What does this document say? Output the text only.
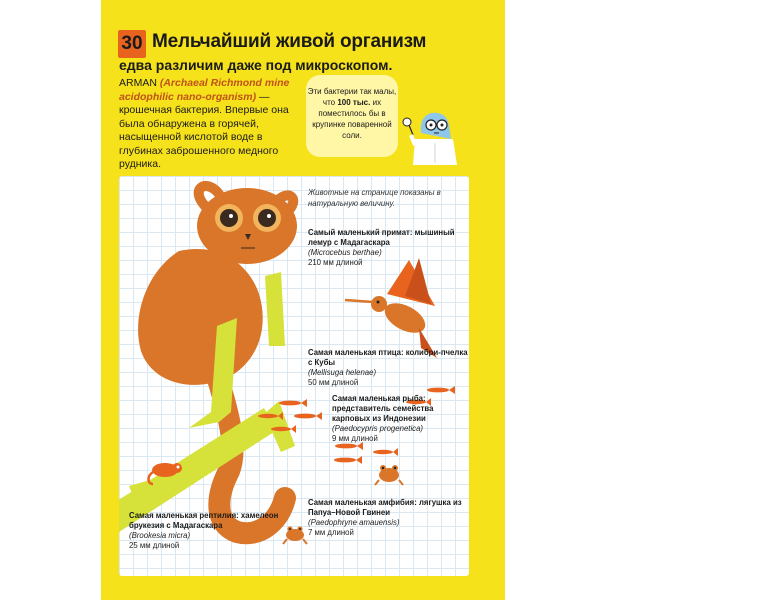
30 Мельчайший живой организм
едва различим даже под микроскопом.
ARMAN (Archaeal Richmond mine acidophilic nano-organism) — крошечная бактерия. Впервые она была обнаружена в горячей, насыщенной кислотой воде в глубинах заброшенного медного рудника.
Эти бактерии так малы, что 100 тыс. их поместилось бы в крупинке поваренной соли.
Животные на странице показаны в натуральную величину.
Самый маленький примат: мышиный лемур с Мадагаскара
(Microcebus berthae)
210 мм длиной
Самая маленькая птица: колибри-пчелка с Кубы
(Mellisuga helenae)
50 мм длиной
Самая маленькая рыба: представитель семейства карповых из Индонезии
(Paedocypris progenetica)
9 мм длиной
Самая маленькая амфибия: лягушка из Папуа–Новой Гвинеи
(Paedophryne amauensis)
7 мм длиной
Самая маленькая рептилия: хамелеон брукезия с Мадагаскара
(Brookesia micra)
25 мм длиной
